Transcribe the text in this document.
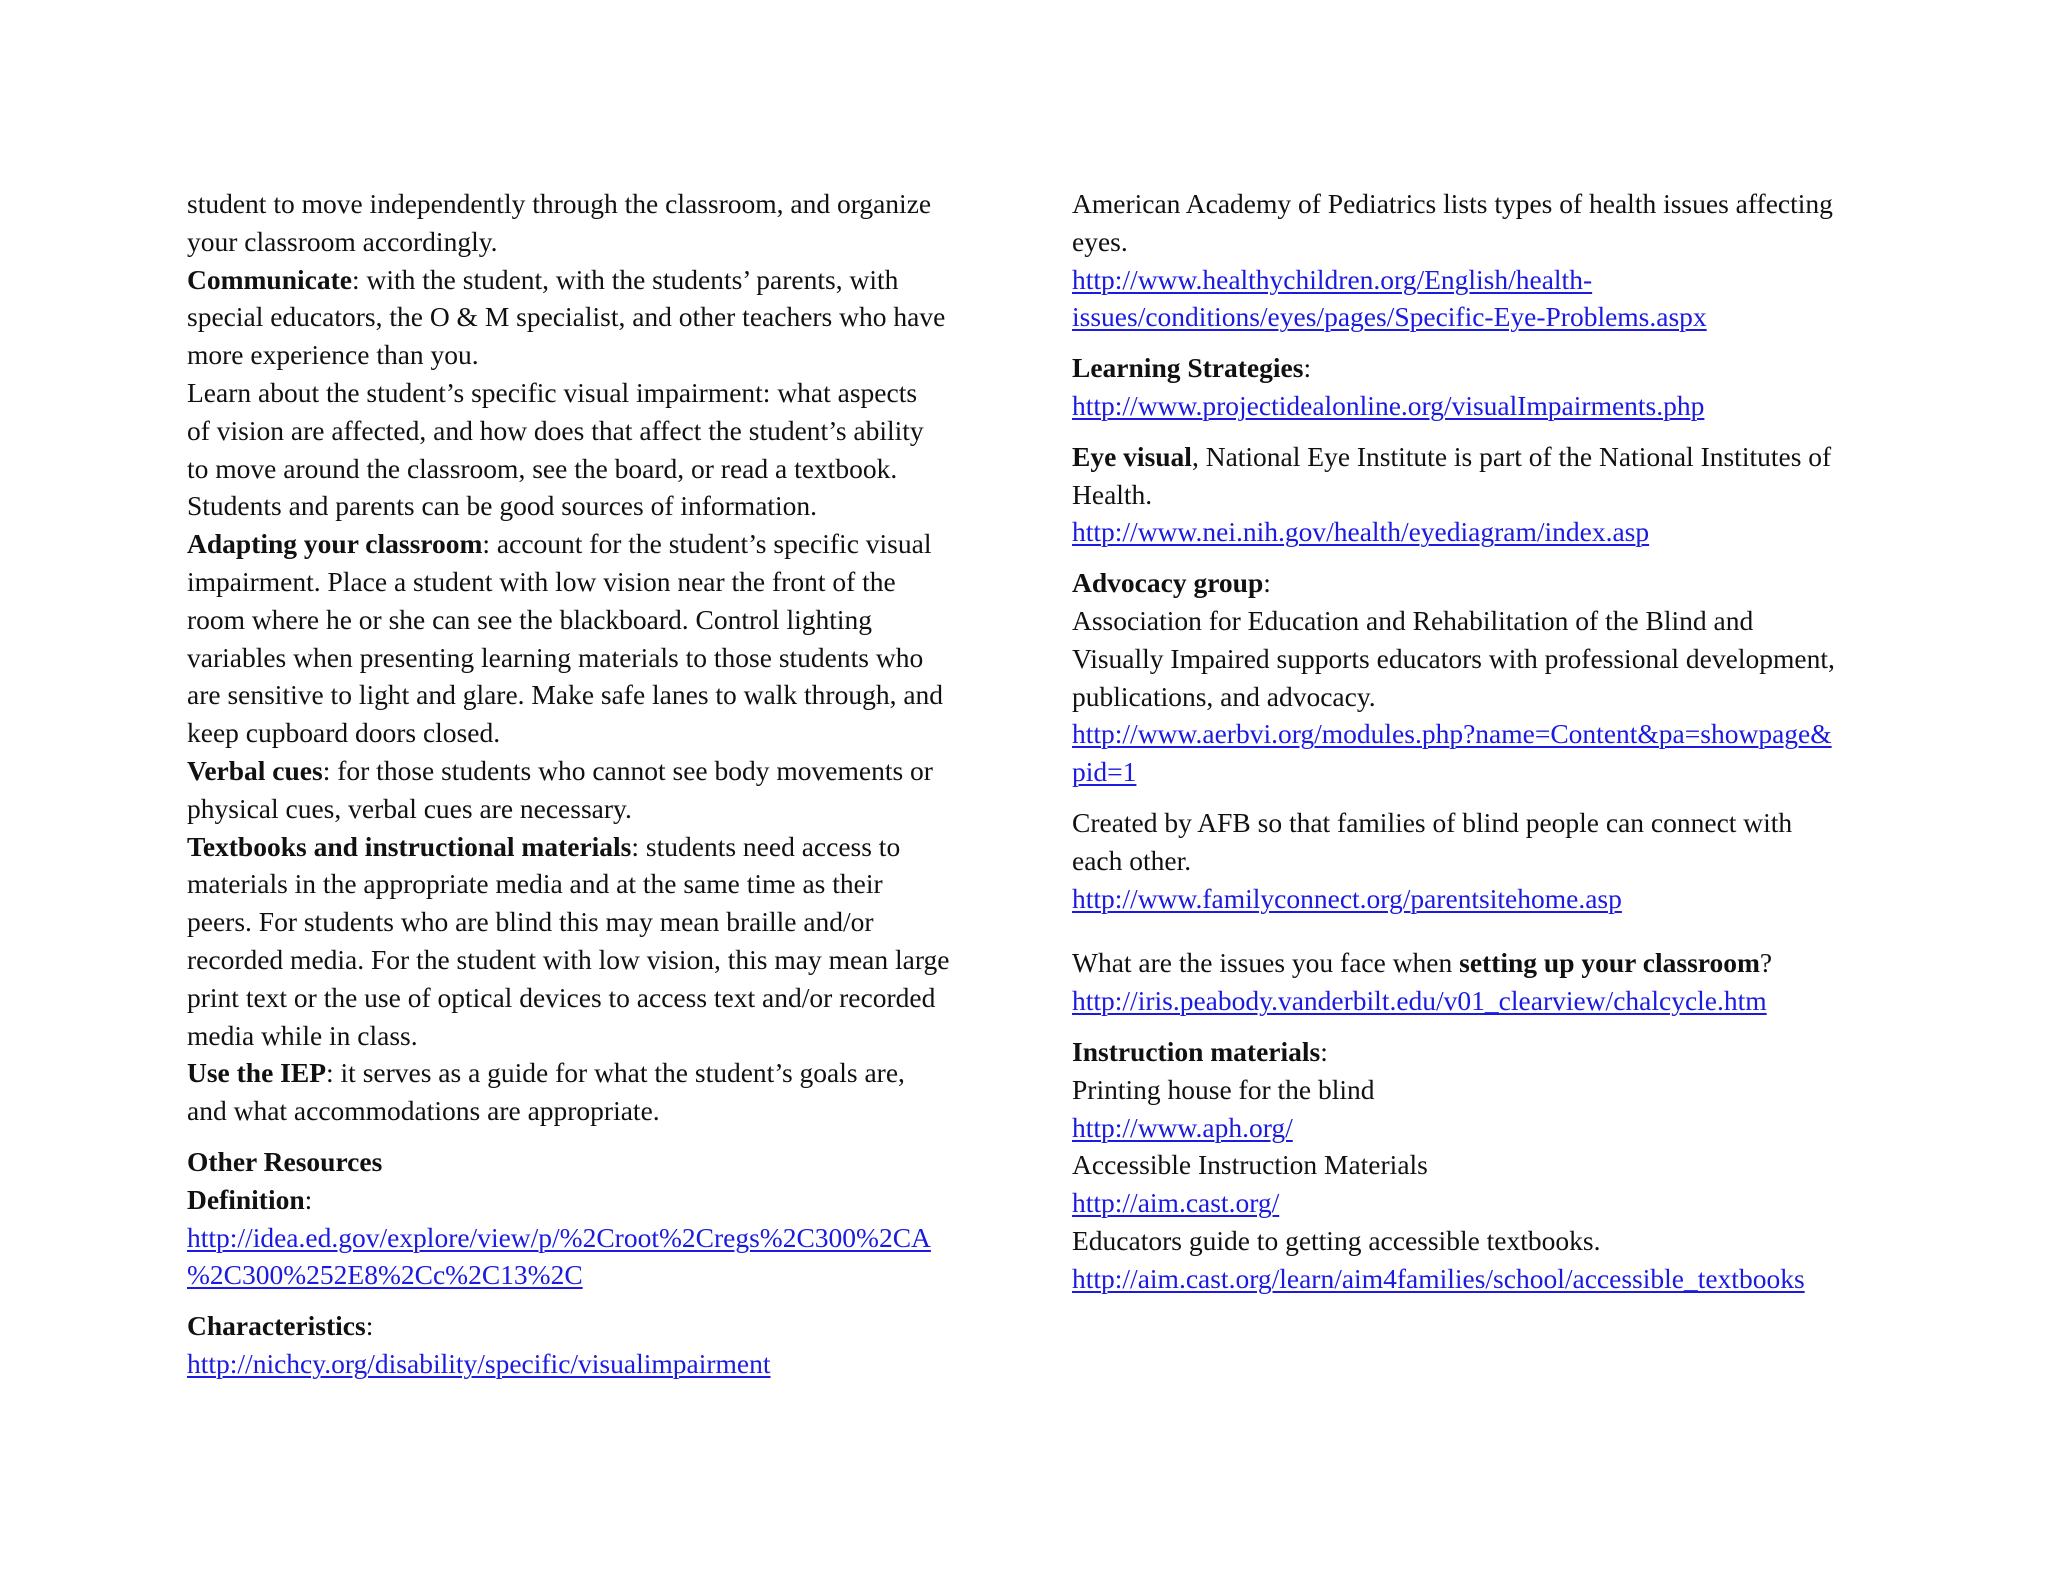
student to move independently through the classroom, and organize
your classroom accordingly.

Communicate: with the student, with the students’ parents, with
special educators, the O & M specialist, and other teachers who have
more experience than you.

Learn about the student’s specific visual impairment: what aspects
of vision are affected, and how does that affect the student’s ability
to move around the classroom, see the board, or read a textbook.
Students and parents can be good sources of information.

Adapting your classroom: account for the student’s specific visual
impairment. Place a student with low vision near the front of the
room where he or she can see the blackboard. Control lighting
variables when presenting learning materials to those students who
are sensitive to light and glare. Make safe lanes to walk through, and
keep cupboard doors closed.

Verbal cues: for those students who cannot see body movements or
physical cues, verbal cues are necessary.

Textbooks and instructional materials: students need access to
materials in the appropriate media and at the same time as their
peers. For students who are blind this may mean braille and/or
recorded media. For the student with low vision, this may mean large
print text or the use of optical devices to access text and/or recorded
media while in class.

Use the IEP: it serves as a guide for what the student’s goals are,
and what accommodations are appropriate.

Other Resources
Definition:
http://idea.ed.gov/explore/view/p/%2Croot%2Cregs%2C300%2CA
%2C300%252E8%2Cc%2C13%2C

Characteristics:
http://nichcy.org/disability/specific/visualimpairment

American Academy of Pediatrics lists types of health issues affecting
eyes.
http://www.healthychildren.org/English/health-
issues/conditions/eyes/pages/Specific-Eye-Problems.aspx

Learning Strategies:
http://www.projectidealonline.org/visualImpairments.php

Eye visual, National Eye Institute is part of the National Institutes of
Health.
http://www.nei.nih.gov/health/eyediagram/index.asp

Advocacy group:
Association for Education and Rehabilitation of the Blind and
Visually Impaired supports educators with professional development,
publications, and advocacy.
http://www.aerbvi.org/modules.php?name=Content&pa=showpage&
pid=1

Created by AFB so that families of blind people can connect with
each other.
http://www.familyconnect.org/parentsitehome.asp

What are the issues you face when setting up your classroom?
http://iris.peabody.vanderbilt.edu/v01_clearview/chalcycle.htm

Instruction materials:
Printing house for the blind
http://www.aph.org/
Accessible Instruction Materials
http://aim.cast.org/
Educators guide to getting accessible textbooks.
http://aim.cast.org/learn/aim4families/school/accessible_textbooks
